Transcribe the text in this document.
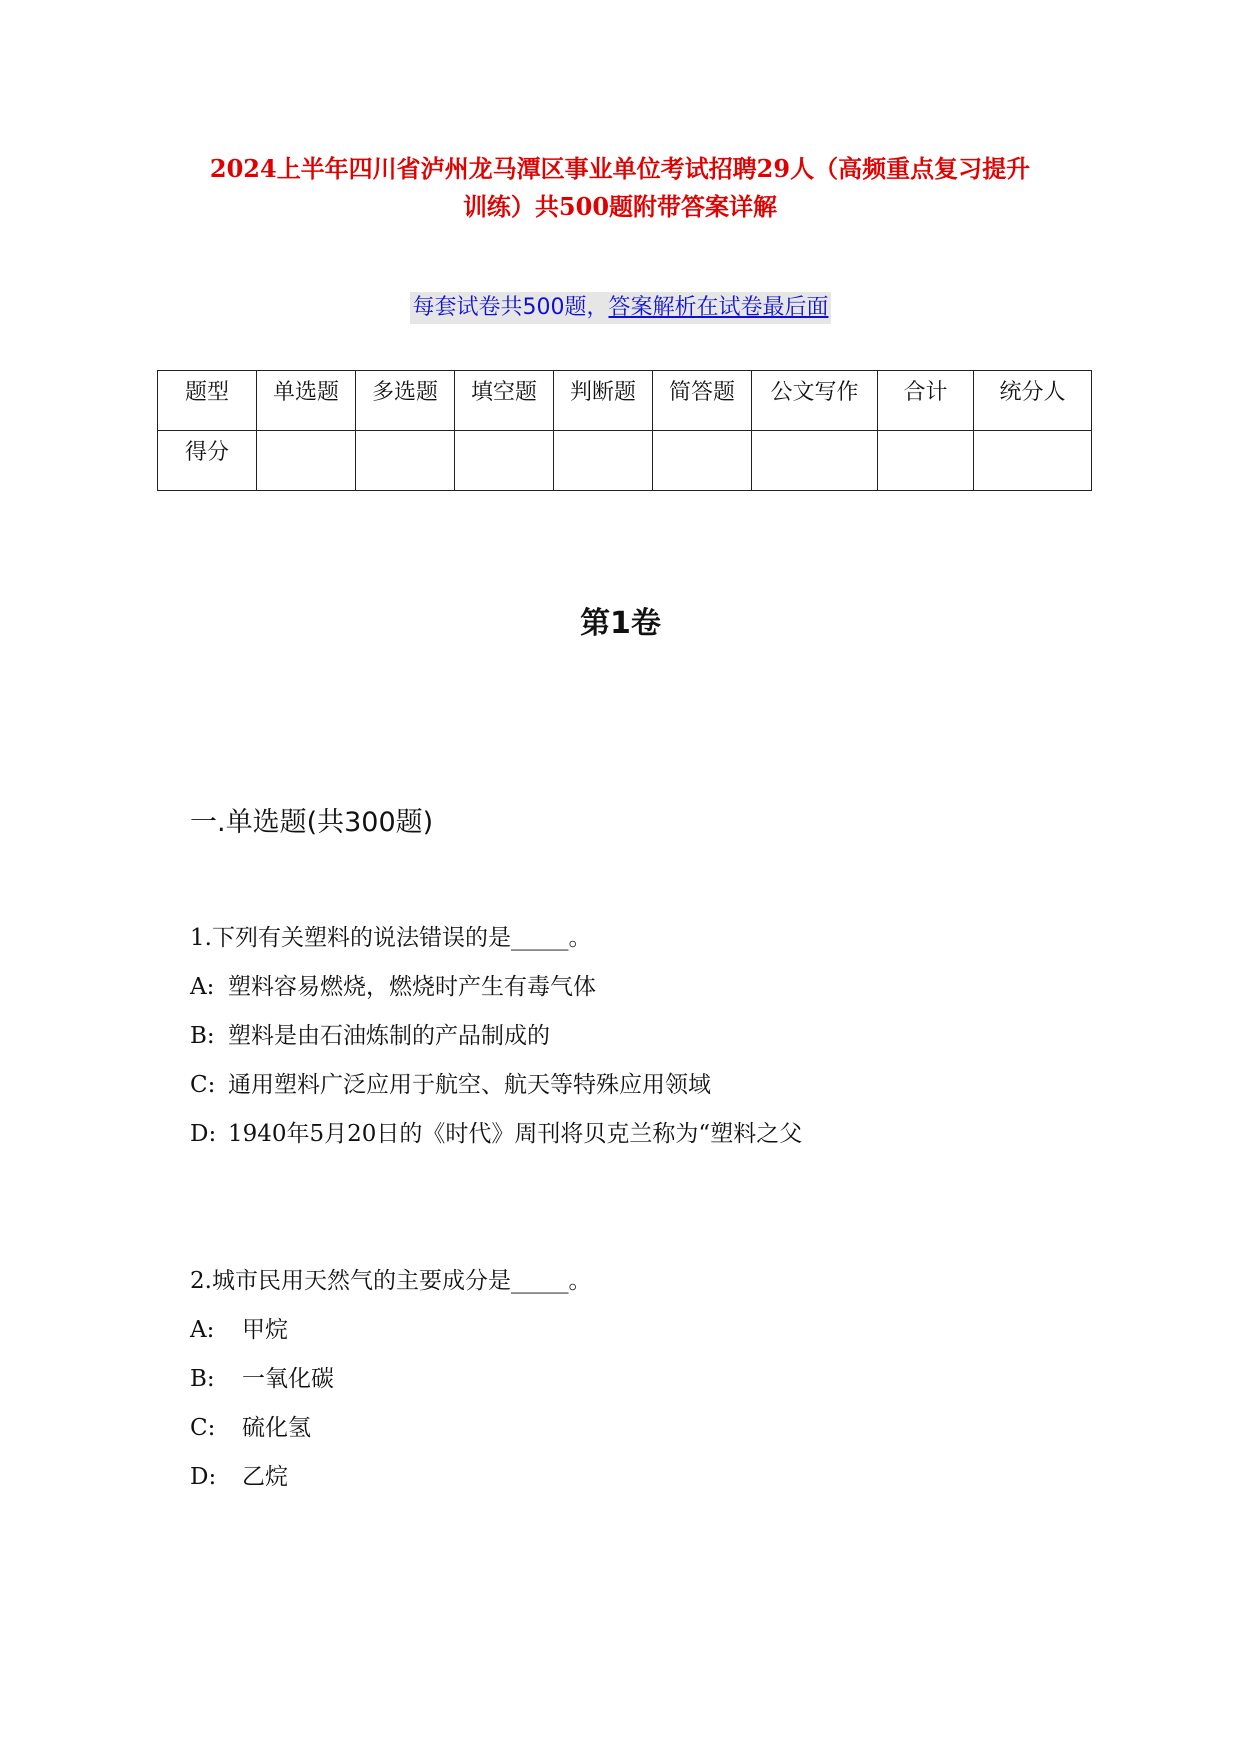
2024上半年四川省泸州龙马潭区事业单位考试招聘29人（高频重点复习提升
训练）共500题附带答案详解
每套试卷共500题，答案解析在试卷最后面
题型	单选题	多选题	填空题	判断题	简答题	公文写作	合计	统分人
得分								
第1卷
一.单选题(共300题)
1.下列有关塑料的说法错误的是_____。
A: 塑料容易燃烧，燃烧时产生有毒气体
B: 塑料是由石油炼制的产品制成的
C: 通用塑料广泛应用于航空、航天等特殊应用领域
D: 1940年5月20日的《时代》周刊将贝克兰称为“塑料之父
2.城市民用天然气的主要成分是_____。
A: 甲烷
B: 一氧化碳
C: 硫化氢
D: 乙烷
